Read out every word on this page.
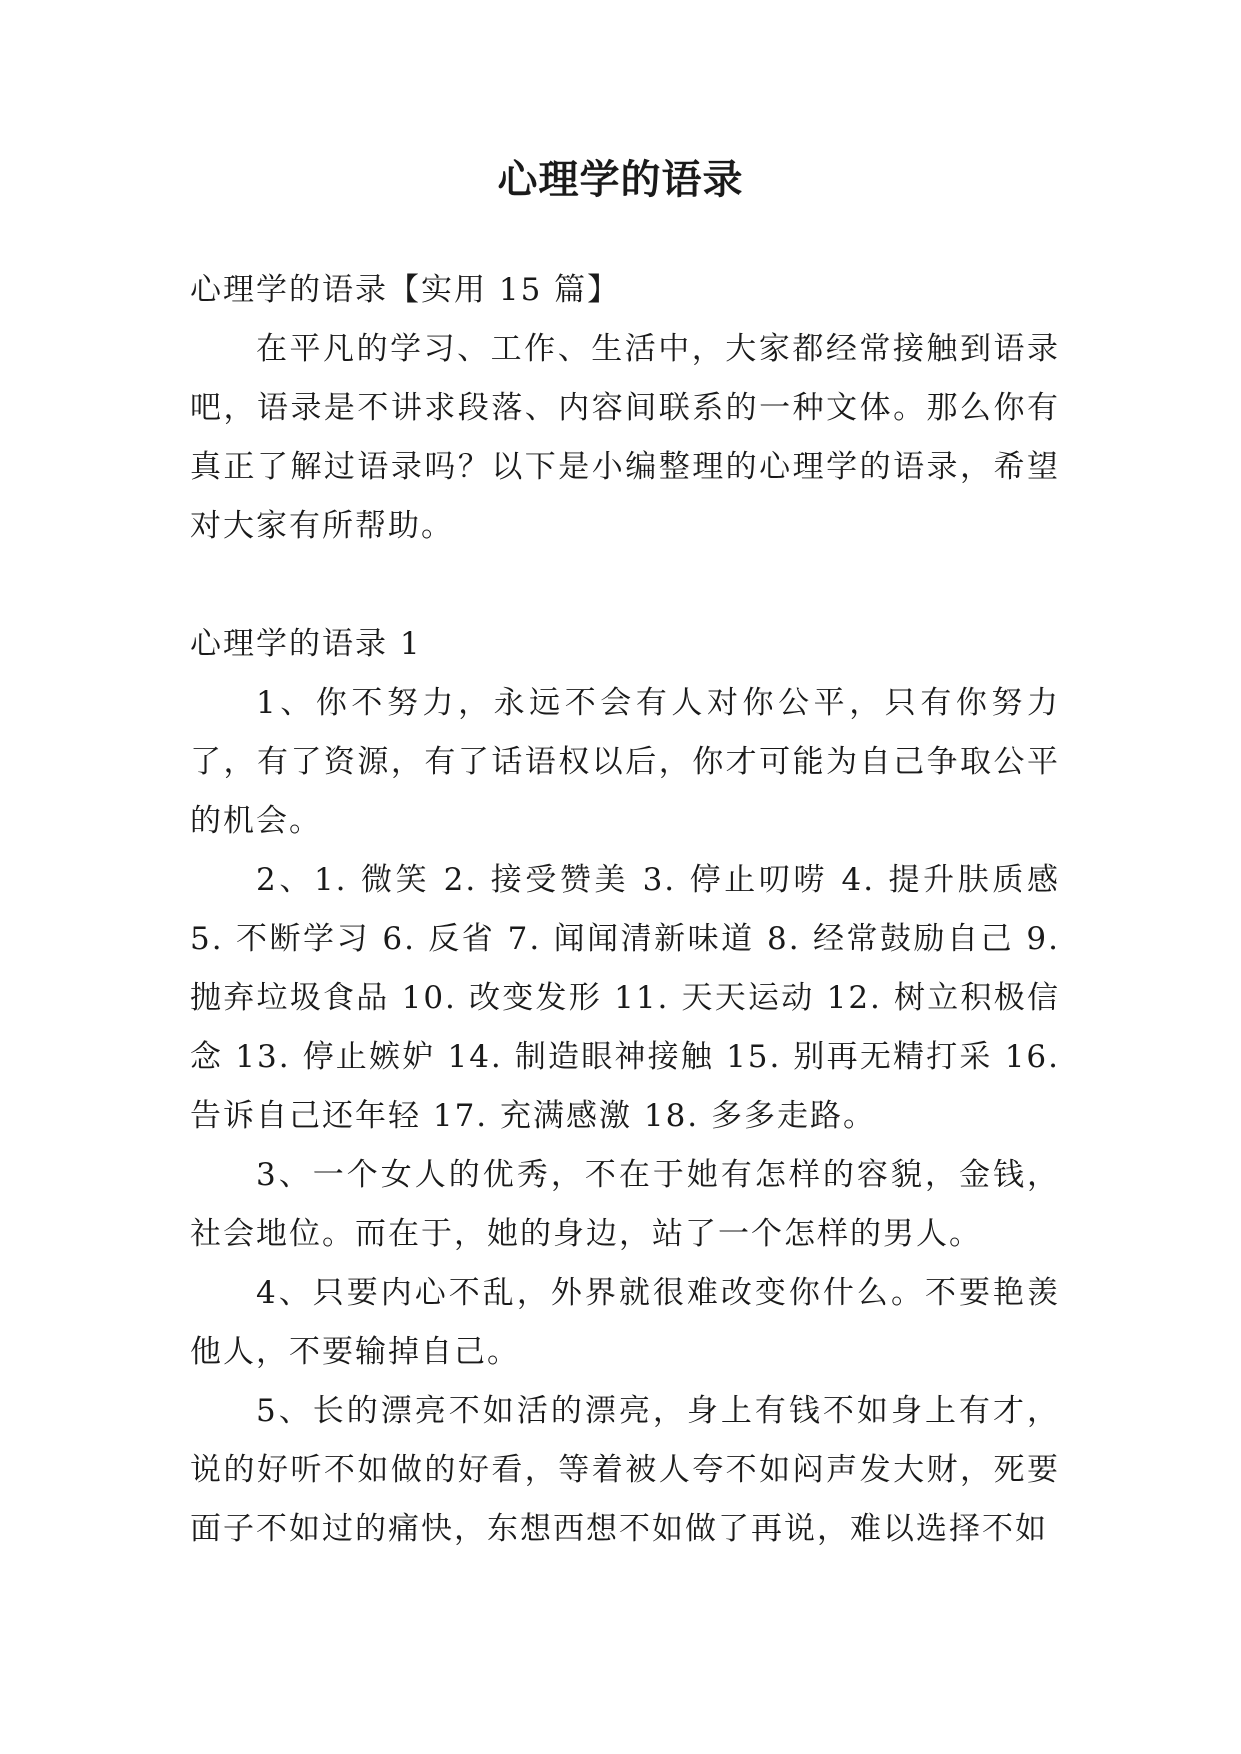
心理学的语录

心理学的语录【实用 15 篇】

在平凡的学习、工作、生活中，大家都经常接触到语录吧，语录是不讲求段落、内容间联系的一种文体。那么你有真正了解过语录吗？以下是小编整理的心理学的语录，希望对大家有所帮助。

心理学的语录 1

1、你不努力，永远不会有人对你公平，只有你努力了，有了资源，有了话语权以后，你才可能为自己争取公平的机会。

2、1. 微笑 2. 接受赞美 3. 停止叨唠 4. 提升肤质感 5. 不断学习 6. 反省 7. 闻闻清新味道 8. 经常鼓励自己 9. 抛弃垃圾食品 10. 改变发形 11. 天天运动 12. 树立积极信念 13. 停止嫉妒 14. 制造眼神接触 15. 别再无精打采 16. 告诉自己还年轻 17. 充满感激 18. 多多走路。

3、一个女人的优秀，不在于她有怎样的容貌，金钱，社会地位。而在于，她的身边，站了一个怎样的男人。

4、只要内心不乱，外界就很难改变你什么。不要艳羡他人，不要输掉自己。

5、长的漂亮不如活的漂亮，身上有钱不如身上有才，说的好听不如做的好看，等着被人夸不如闷声发大财，死要面子不如过的痛快，东想西想不如做了再说，难以选择不如
